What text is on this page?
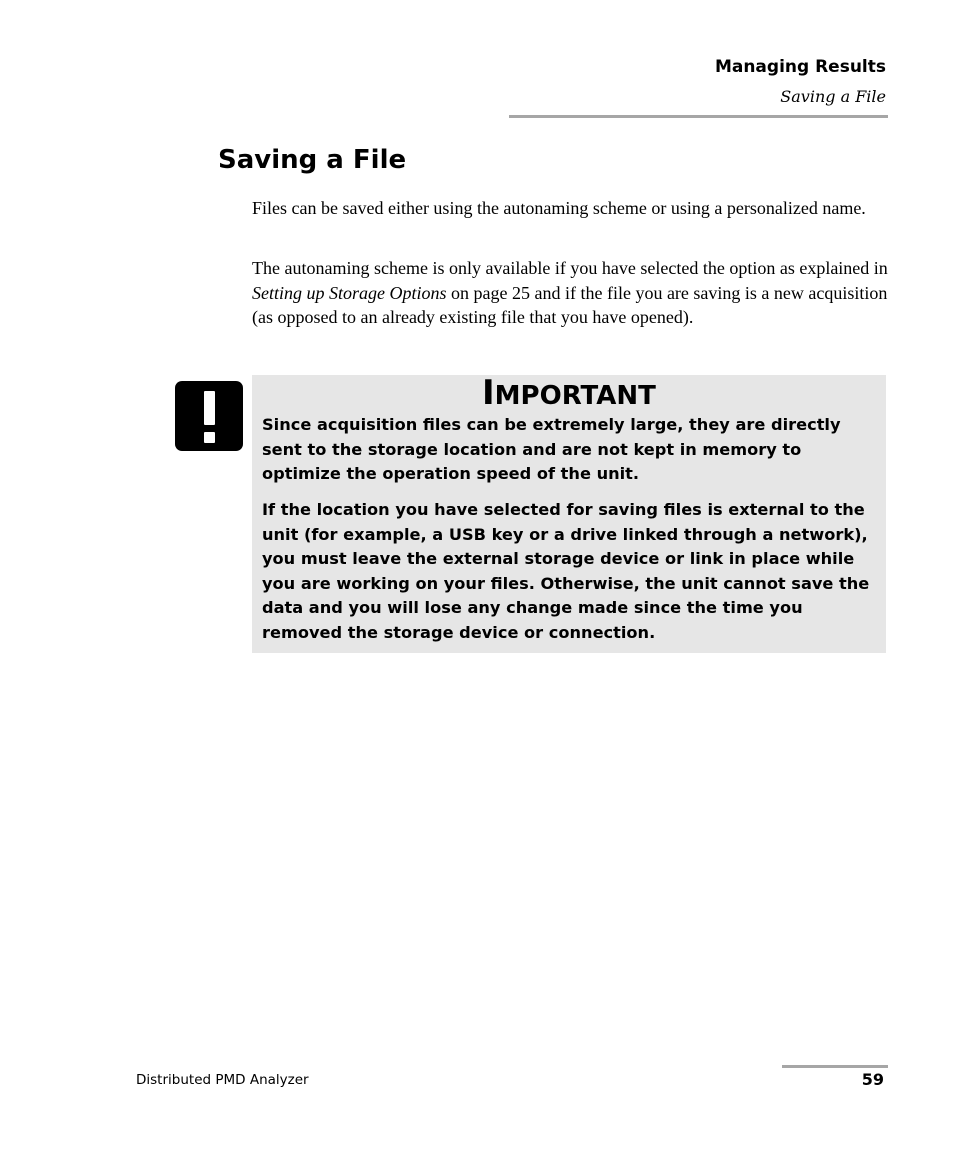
Managing Results
Saving a File
Saving a File
Files can be saved either using the autonaming scheme or using a personalized name.
The autonaming scheme is only available if you have selected the option as explained in Setting up Storage Options on page 25 and if the file you are saving is a new acquisition (as opposed to an already existing file that you have opened).
IMPORTANT
Since acquisition files can be extremely large, they are directly sent to the storage location and are not kept in memory to optimize the operation speed of the unit.
If the location you have selected for saving files is external to the unit (for example, a USB key or a drive linked through a network), you must leave the external storage device or link in place while you are working on your files. Otherwise, the unit cannot save the data and you will lose any change made since the time you removed the storage device or connection.
Distributed PMD Analyzer	59
